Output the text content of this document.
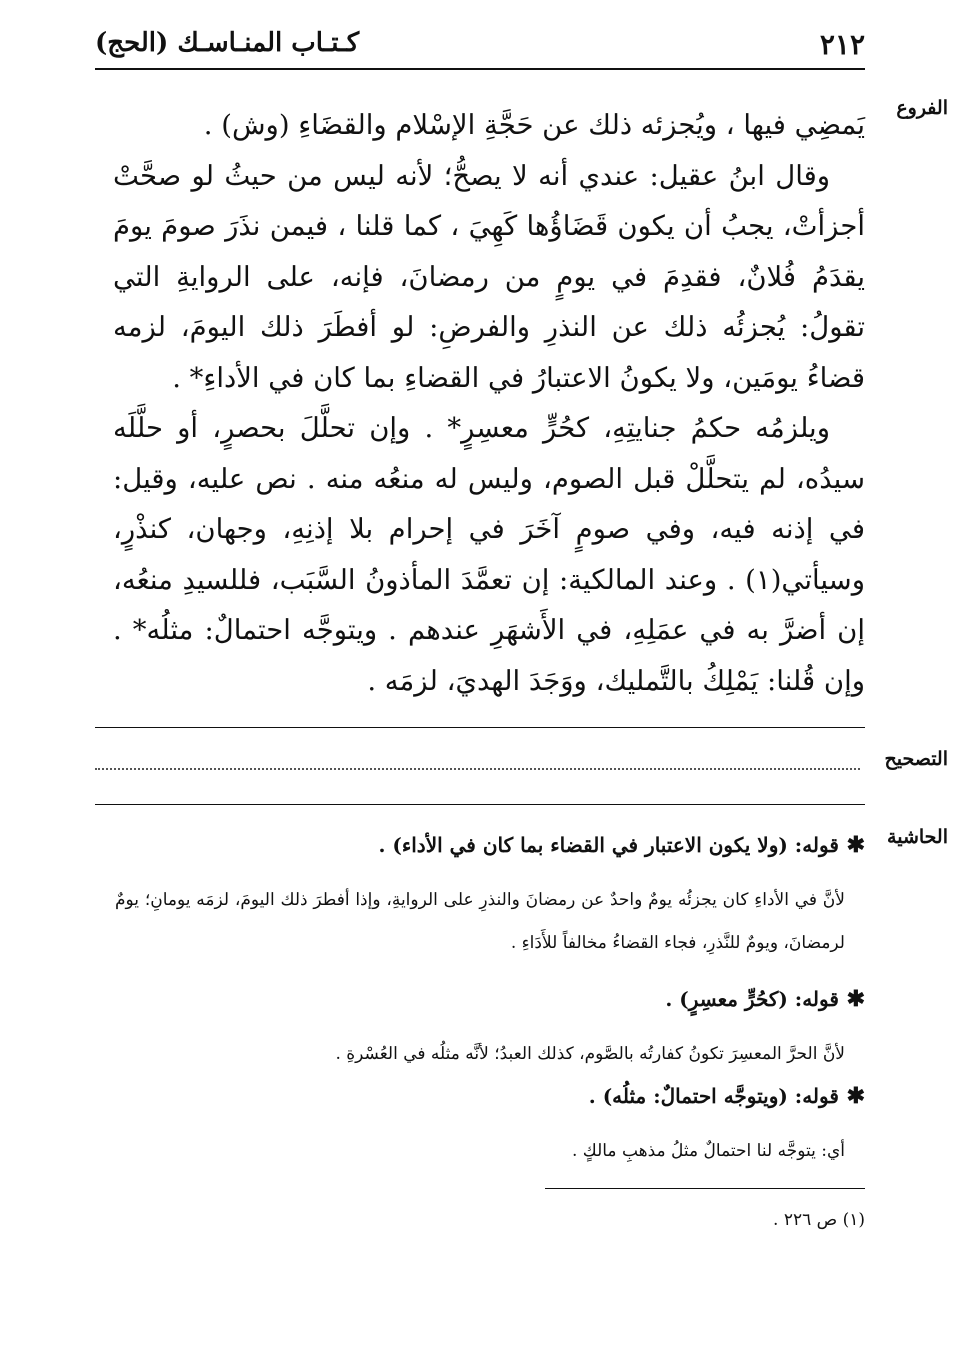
٢١٢
كـتـاب المنـاسـك (الحج)
الفروع

يَمضِي فيها ، ويُجزئه ذلك عن حَجَّةِ الإسْلام والقضَاءِ (وش) .

وقال ابنُ عقيل: عندي أنه لا يصحُّ؛ لأنه ليس من حيثُ لو صحَّتْ أجزأتْ، يجبُ أن يكون قَضَاؤُها كَهِيَ ، كما قلنا ، فيمن نذَرَ صومَ يومَ يقدَمُ فُلانٌ، فقدِمَ في يومٍ من رمضانَ، فإنه، على الروايةِ التي تقولُ: يُجزئُه ذلك عن النذرِ والفرضِ: لو أفطَرَ ذلك اليومَ، لزمه قضاءُ يومَين، ولا يكونُ الاعتبارُ في القضاءِ بما كان في الأداءِ* .

ويلزمُه حكمُ جنايتِهِ، كحُرٍّ معسِرٍ* . وإن تحلَّلَ بحصرٍ، أو حلَّلَه سيدُه، لم يتحلَّلْ قبل الصوم، وليس له منعُه منه . نص عليه، وقيل: في إذنه فيه، وفي صومٍ آخَرَ في إحرام بلا إذنِهِ، وجهان، كنذْرٍ، وسيأتي(١) . وعند المالكية: إن تعمَّدَ المأذونُ السَّبَب، فللسيدِ منعُه، إن أضرَّ به في عمَلِهِ، في الأَشهَرِ عندهم . ويتوجَّه احتمالٌ: مثلُه* . وإن قُلنا: يَمْلِكُ بالتَّمليك، ووَجَدَ الهديَ، لزمَه .

التصحيح
الحاشية

✱ قوله: (ولا يكون الاعتبار في القضاء بما كان في الأداء) .

لأنَّ في الأداءِ كان يجزئُه يومٌ واحدٌ عن رمضانَ والنذرِ على الروايةِ، وإذا أفطرَ ذلك اليومَ، لزمَه يومانِ؛ يومٌ لرمضانَ، ويومٌ للنَّذرِ، فجاء القضاءُ مخالفاً للأَدَاءِ .

✱ قوله: (كحُرٍّ معسِرٍ) .

لأنَّ الحرَّ المعسِرَ تكونُ كفارتُه بالصَّوم، كذلك العبدُ؛ لأنَّه مثلُه في العُسْرةِ .

✱ قوله: (ويتوجَّه احتمالٌ: مثلُه) .

أي: يتوجَّه لنا احتمالٌ مثلُ مذهبِ مالكٍ .

(١) ص ٢٢٦ .
